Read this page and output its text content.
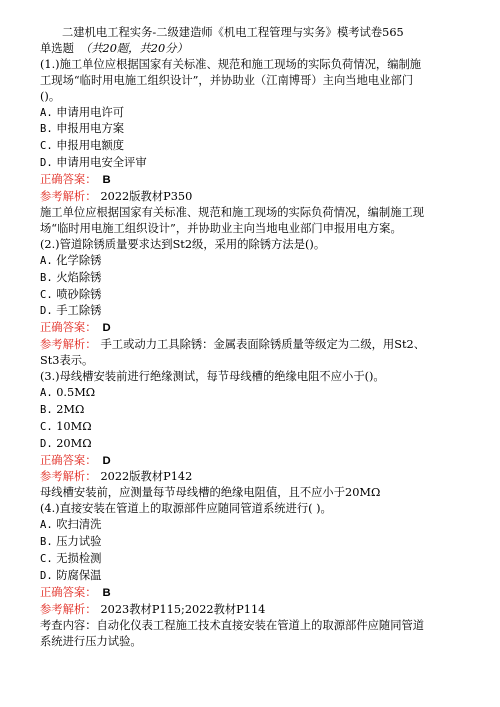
二建机电工程实务-二级建造师《机电工程管理与实务》模考试卷565
单选题 （共20题，共20分）
(1.)施工单位应根据国家有关标准、规范和施工现场的实际负荷情况，编制施
工现场“临时用电施工组织设计”，并协助业（江南博哥）主向当地电业部门
()。
A. 申请用电许可
B. 申报用电方案
C. 申报用电额度
D. 申请用电安全评审
正确答案： B
参考解析： 2022版教材P350
施工单位应根据国家有关标准、规范和施工现场的实际负荷情况，编制施工现
场“临时用电施工组织设计”，并协助业主向当地电业部门申报用电方案。
(2.)管道除锈质量要求达到St2级，采用的除锈方法是()。
A. 化学除锈
B. 火焰除锈
C. 喷砂除锈
D. 手工除锈
正确答案： D
参考解析： 手工或动力工具除锈：金属表面除锈质量等级定为二级，用St2、
St3表示。
(3.)母线槽安装前进行绝缘测试，每节母线槽的绝缘电阻不应小于()。
A. 0.5MΩ
B. 2MΩ
C. 10MΩ
D. 20MΩ
正确答案： D
参考解析： 2022版教材P142
母线槽安装前，应测量每节母线槽的绝缘电阻值，且不应小于20MΩ
(4.)直接安装在管道上的取源部件应随同管道系统进行( )。
A. 吹扫清洗
B. 压力试验
C. 无损检测
D. 防腐保温
正确答案： B
参考解析： 2023教材P115;2022教材P114
考查内容：自动化仪表工程施工技术直接安装在管道上的取源部件应随同管道
系统进行压力试验。
